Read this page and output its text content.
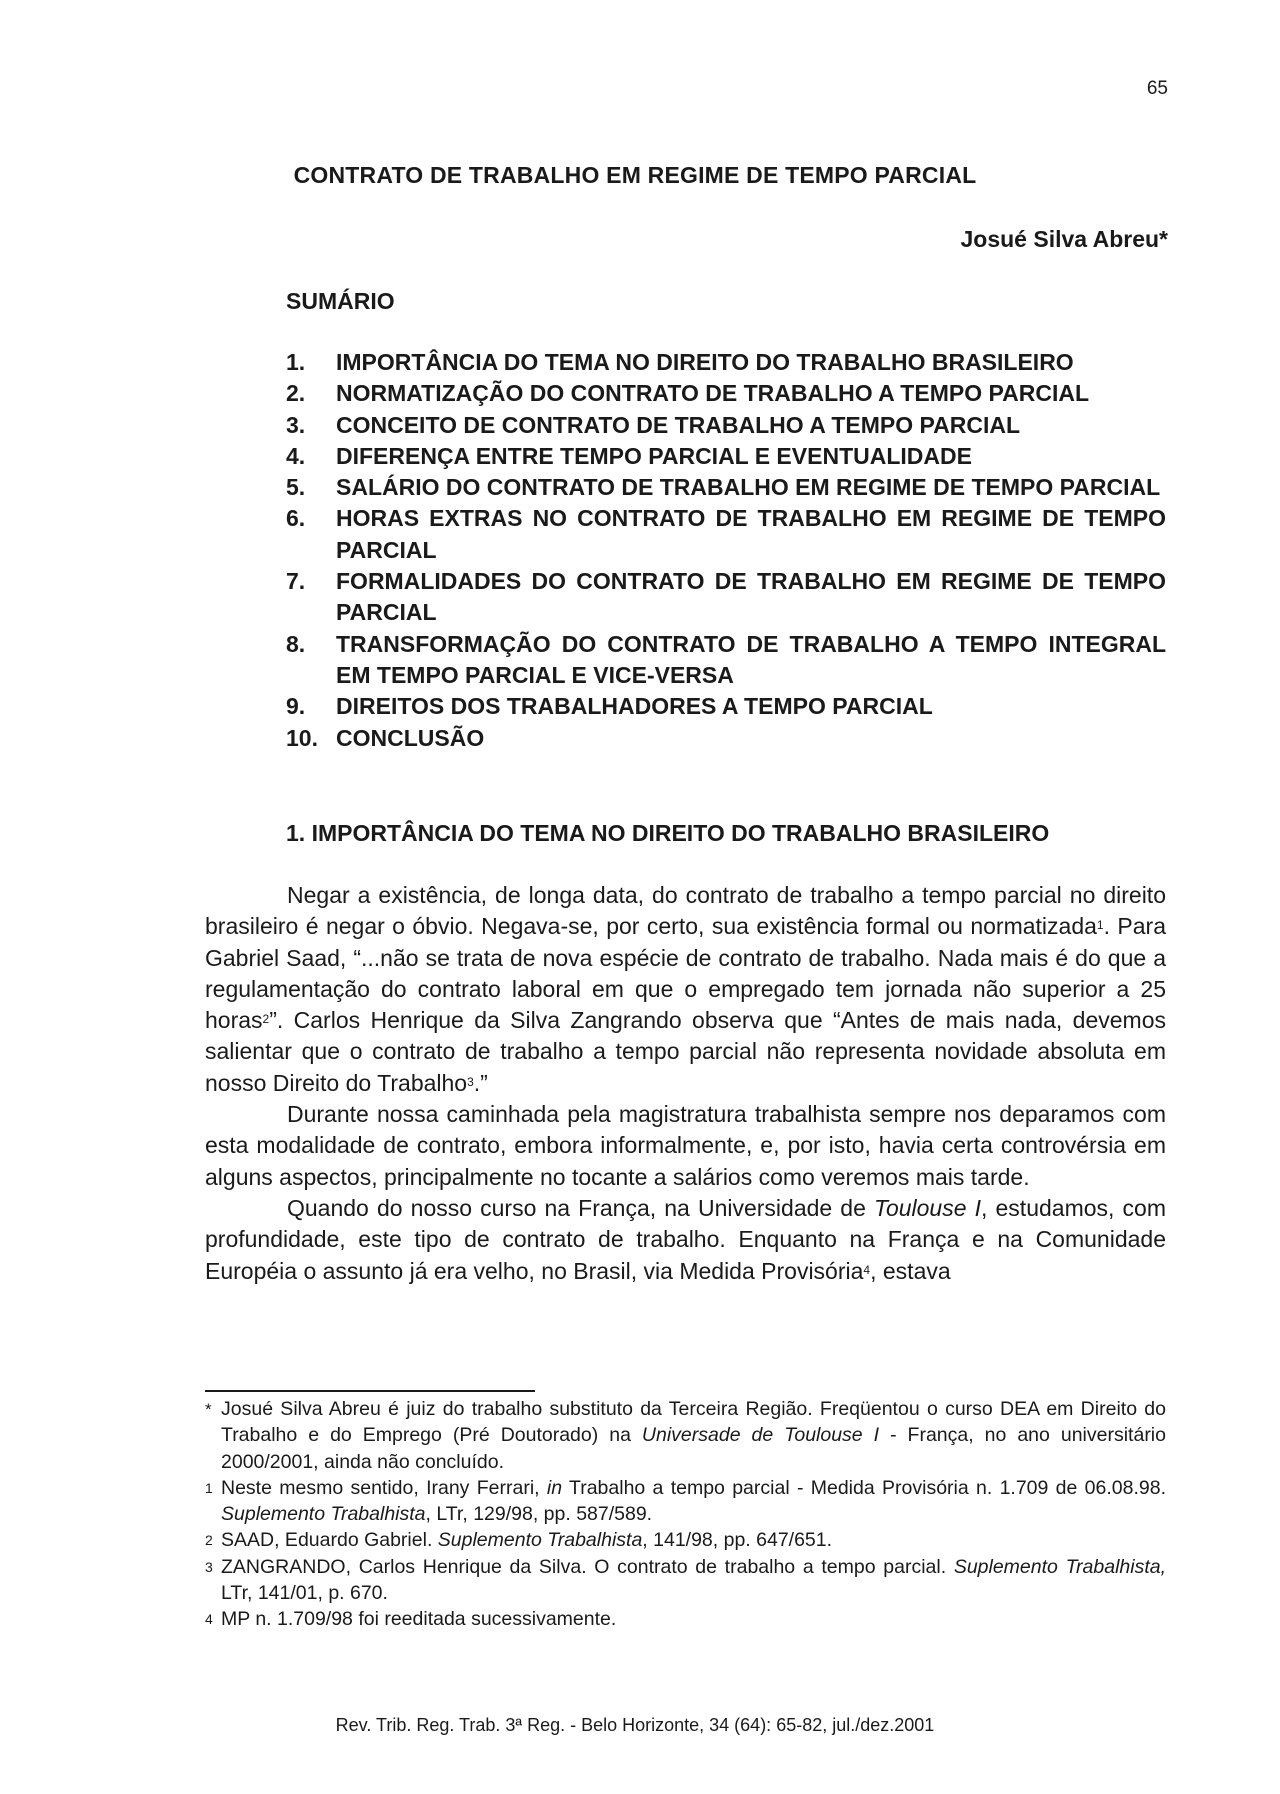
65
CONTRATO DE TRABALHO EM REGIME DE TEMPO PARCIAL
Josué Silva Abreu*
SUMÁRIO
1.	IMPORTÂNCIA DO TEMA NO DIREITO DO TRABALHO BRASILEIRO
2.	NORMATIZAÇÃO DO CONTRATO DE TRABALHO A TEMPO PARCIAL
3.	CONCEITO DE CONTRATO DE TRABALHO A TEMPO PARCIAL
4.	DIFERENÇA ENTRE TEMPO PARCIAL E EVENTUALIDADE
5.	SALÁRIO DO CONTRATO DE TRABALHO EM REGIME DE TEMPO PARCIAL
6.	HORAS EXTRAS NO CONTRATO DE TRABALHO EM REGIME DE TEMPO PARCIAL
7.	FORMALIDADES DO CONTRATO DE TRABALHO EM REGIME DE TEMPO PARCIAL
8.	TRANSFORMAÇÃO DO CONTRATO DE TRABALHO A TEMPO INTEGRAL EM TEMPO PARCIAL E VICE-VERSA
9.	DIREITOS DOS TRABALHADORES A TEMPO PARCIAL
10. CONCLUSÃO
1. IMPORTÂNCIA DO TEMA NO DIREITO DO TRABALHO BRASILEIRO

Negar a existência, de longa data, do contrato de trabalho a tempo parcial no direito brasileiro é negar o óbvio. Negava-se, por certo, sua existência formal ou normatizada$^1$. Para Gabriel Saad, “...não se trata de nova espécie de contrato de trabalho. Nada mais é do que a regulamentação do contrato laboral em que o empregado tem jornada não superior a 25 horas$^2$”. Carlos Henrique da Silva Zangrando observa que “Antes de mais nada, devemos salientar que o contrato de trabalho a tempo parcial não representa novidade absoluta em nosso Direito do Trabalho$^3$.”

Durante nossa caminhada pela magistratura trabalhista sempre nos deparamos com esta modalidade de contrato, embora informalmente, e, por isto, havia certa controvérsia em alguns aspectos, principalmente no tocante a salários como veremos mais tarde.

Quando do nosso curso na França, na Universidade de Toulouse I, estudamos, com profundidade, este tipo de contrato de trabalho. Enquanto na França e na Comunidade Européia o assunto já era velho, no Brasil, via Medida Provisória$^4$, estava

* Josué Silva Abreu é juiz do trabalho substituto da Terceira Região. Freqüentou o curso DEA em Direito do Trabalho e do Emprego (Pré Doutorado) na Universade de Toulouse I - França, no ano universitário 2000/2001, ainda não concluído.
1 Neste mesmo sentido, Irany Ferrari, in Trabalho a tempo parcial - Medida Provisória n. 1.709 de 06.08.98. Suplemento Trabalhista, LTr, 129/98, pp. 587/589.
2 SAAD, Eduardo Gabriel. Suplemento Trabalhista, 141/98, pp. 647/651.
3 ZANGRANDO, Carlos Henrique da Silva. O contrato de trabalho a tempo parcial. Suplemento Trabalhista, LTr, 141/01, p. 670.
4 MP n. 1.709/98 foi reeditada sucessivamente.
Rev. Trib. Reg. Trab. 3ª Reg. - Belo Horizonte, 34 (64): 65-82, jul./dez.2001
